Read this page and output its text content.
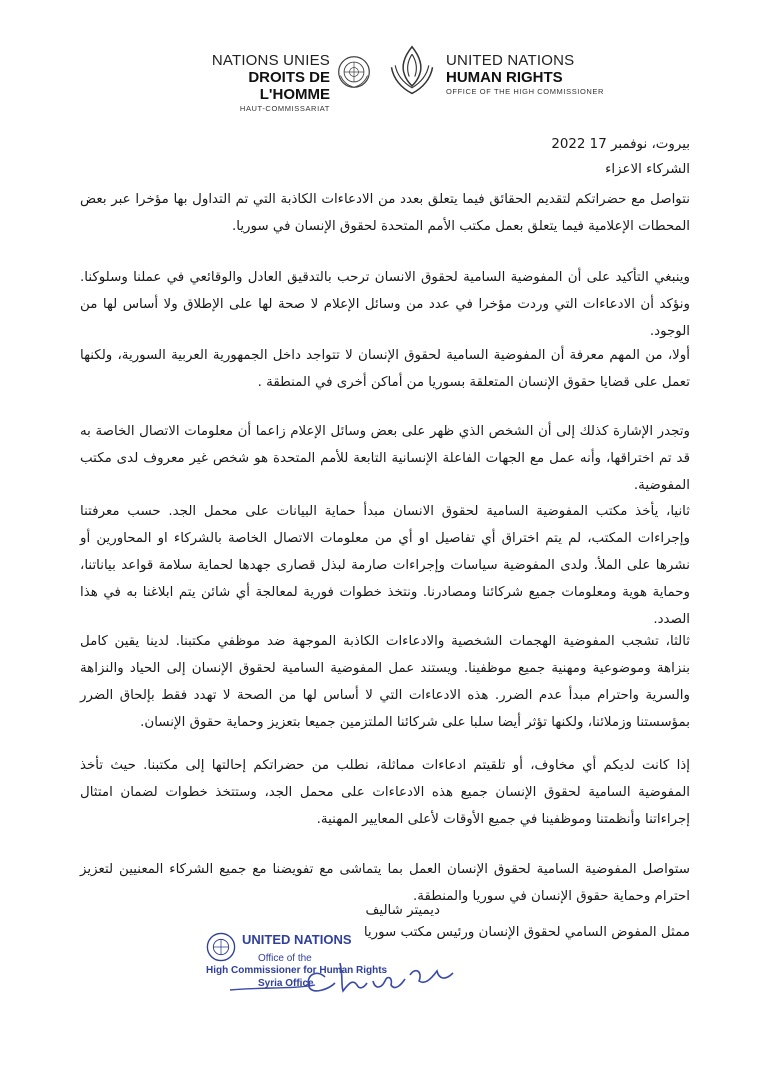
NATIONS UNIES
DROITS DE L'HOMME
HAUT-COMMISSARIAT
UNITED NATIONS
HUMAN RIGHTS
OFFICE OF THE HIGH COMMISSIONER
بيروت، نوفمبر 17 2022
الشركاء الاعزاء
نتواصل مع حضراتكم لتقديم الحقائق فيما يتعلق بعدد من الادعاءات الكاذبة التي تم التداول بها مؤخرا عبر بعض المحطات الإعلامية فيما يتعلق بعمل مكتب الأمم المتحدة لحقوق الإنسان في سوريا.
وينبغي التأكيد على أن المفوضية السامية لحقوق الانسان ترحب بالتدقيق العادل والوقائعي في عملنا وسلوكنا. ونؤكد أن الادعاءات التي وردت مؤخرا في عدد من وسائل الإعلام لا صحة لها على الإطلاق ولا أساس لها من الوجود.
أولا، من المهم معرفة أن المفوضية السامية لحقوق الإنسان لا تتواجد داخل الجمهورية العربية السورية، ولكنها تعمل على قضايا حقوق الإنسان المتعلقة بسوريا من أماكن أخرى في المنطقة .
وتجدر الإشارة كذلك إلى أن الشخص الذي ظهر على بعض وسائل الإعلام زاعما أن معلومات الاتصال الخاصة به قد تم اختراقها، وأنه عمل مع الجهات الفاعلة الإنسانية التابعة للأمم المتحدة هو شخص غير معروف لدى مكتب المفوضية.
ثانيا، يأخذ مكتب المفوضية السامية لحقوق الانسان مبدأ حماية البيانات على محمل الجد. حسب معرفتنا وإجراءات المكتب، لم يتم اختراق أي تفاصيل او أي من معلومات الاتصال الخاصة بالشركاء او المحاورين أو نشرها على الملأ. ولدى المفوضية سياسات وإجراءات صارمة لبذل قصارى جهدها لحماية سلامة قواعد بياناتنا، وحماية هوية ومعلومات جميع شركائنا ومصادرنا. ونتخذ خطوات فورية لمعالجة أي شائن يتم ابلاغنا به في هذا الصدد.
ثالثا، تشجب المفوضية الهجمات الشخصية والادعاءات الكاذبة الموجهة ضد موظفي مكتبنا. لدينا يقين كامل بنزاهة وموضوعية ومهنية جميع موظفينا. ويستند عمل المفوضية السامية لحقوق الإنسان إلى الحياد والنزاهة والسرية واحترام مبدأ عدم الضرر. هذه الادعاءات التي لا أساس لها من الصحة لا تهدد فقط بإلحاق الضرر بمؤسستنا وزملائنا، ولكنها تؤثر أيضا سلبا على شركائنا الملتزمين جميعا بتعزيز وحماية حقوق الإنسان.
إذا كانت لديكم أي مخاوف، أو تلقيتم ادعاءات مماثلة، نطلب من حضراتكم إحالتها إلى مكتبنا. حيث تأخذ المفوضية السامية لحقوق الإنسان جميع هذه الادعاءات على محمل الجد، وستتخذ خطوات لضمان امتثال إجراءاتنا وأنظمتنا وموظفينا في جميع الأوقات لأعلى المعايير المهنية.
ستواصل المفوضية السامية لحقوق الإنسان العمل بما يتماشى مع تفويضنا مع جميع الشركاء المعنيين لتعزيز احترام وحماية حقوق الإنسان في سوريا والمنطقة.
ديميتر شاليف
ممثل المفوض السامي لحقوق الإنسان ورئيس مكتب سوريا
UNITED NATIONS
Office of the
High Commissioner for Human Rights
Syria Office
